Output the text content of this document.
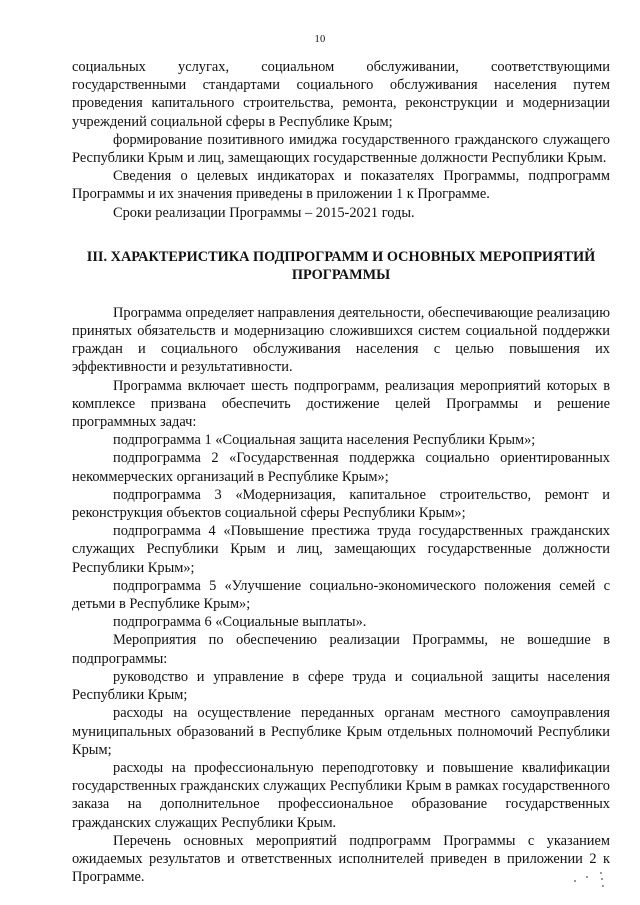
10

социальных услугах, социальном обслуживании, соответствующими государственными стандартами социального обслуживания населения путем проведения капитального строительства, ремонта, реконструкции и модернизации учреждений социальной сферы в Республике Крым;

формирование позитивного имиджа государственного гражданского служащего Республики Крым и лиц, замещающих государственные должности Республики Крым.

Сведения о целевых индикаторах и показателях Программы, подпрограмм Программы и их значения приведены в приложении 1 к Программе.

Сроки реализации Программы – 2015-2021 годы.

III. ХАРАКТЕРИСТИКА ПОДПРОГРАММ И ОСНОВНЫХ МЕРОПРИЯТИЙ ПРОГРАММЫ

Программа определяет направления деятельности, обеспечивающие реализацию принятых обязательств и модернизацию сложившихся систем социальной поддержки граждан и социального обслуживания населения с целью повышения их эффективности и результативности.

Программа включает шесть подпрограмм, реализация мероприятий которых в комплексе призвана обеспечить достижение целей Программы и решение программных задач:

подпрограмма 1 «Социальная защита населения Республики Крым»;

подпрограмма 2 «Государственная поддержка социально ориентированных некоммерческих организаций в Республике Крым»;

подпрограмма 3 «Модернизация, капитальное строительство, ремонт и реконструкция объектов социальной сферы Республики Крым»;

подпрограмма 4 «Повышение престижа труда государственных гражданских служащих Республики Крым и лиц, замещающих государственные должности Республики Крым»;

подпрограмма 5 «Улучшение социально-экономического положения семей с детьми в Республике Крым»;

подпрограмма 6 «Социальные выплаты».

Мероприятия по обеспечению реализации Программы, не вошедшие в подпрограммы:

руководство и управление в сфере труда и социальной защиты населения Республики Крым;

расходы на осуществление переданных органам местного самоуправления муниципальных образований в Республике Крым отдельных полномочий Республики Крым;

расходы на профессиональную переподготовку и повышение квалификации государственных гражданских служащих Республики Крым в рамках государственного заказа на дополнительное профессиональное образование государственных гражданских служащих Республики Крым.

Перечень основных мероприятий подпрограмм Программы с указанием ожидаемых результатов и ответственных исполнителей приведен в приложении 2 к Программе.
